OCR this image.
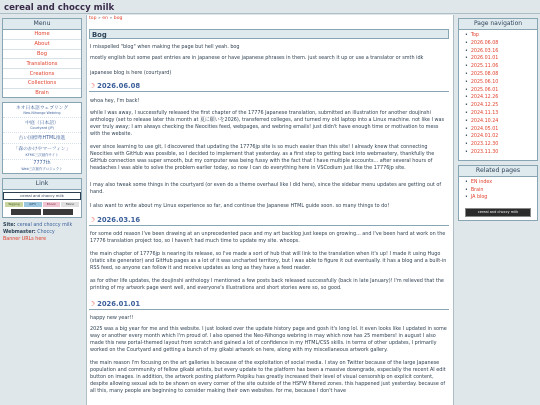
cereal and choccy milk
Menu
Home
About
Bog
Translations
Creations
Collections
Brain
ネオ日本語ウェブリング
Neo-Nihongo Webring
中庭（日本語）
Courtyard (JP)
古い国標準HTML推進
「森のかけやマーフィン」
KFMC三次創作サイト
7777th
Web三次創作プロジェクト
Link
cereal and choccy milk
Tagging	GIFV	Ebook	Mono
Site: cereal and choccy milk
Webmaster: Choccy
Banner URLs here
top » en » bog
Bog
I misspelled "blog" when making the page but hell yeah. bog
mostly english but some past entries are in japanese or have japanese phrases in them. just search it up or use a translator or smth idk
japanese blog is here (courtyard)
☽ 2026.06.08
whoa hey, I'm back!
while I was away, I successfully released the first chapter of the 17776 Japanese translation, submitted an illustration for another doujinshi anthology (set to release later this month at 夏に願いを2026), transferred colleges, and turned my old laptop into a Linux machine. not like I was ever truly away; I am always checking the Neocities feed, webpages, and webring emails! just didn't have enough time or motivation to mess with the website.
ever since learning to use git, I discovered that updating the 17776jp site is so much easier than this site! I already knew that connecting Neocities with GitHub was possible, so I decided to implement that yesterday. as a first step to getting back into webmastery, thankfully the GitHub connection was super smooth, but my computer was being fussy with the fact that I have multiple accounts... after several hours of headaches I was able to solve the problem earlier today, so now I can do everything here in VSCodium just like the 17776jp site.
I may also tweak some things in the courtyard (or even do a theme overhaul like I did here), since the sidebar menu updates are getting out of hand.
I also want to write about my Linux experience so far, and continue the Japanese HTML guide soon. so many things to do!
☽ 2026.03.16
for some odd reason I've been drawing at an unprecedented pace and my art backlog just keeps on growing... and I've been hard at work on the 17776 translation project too, so I haven't had much time to update my site. whoops.
the main chapter of 17776jp is nearing its release, so I've made a sort of hub that will link to the translation when it's up! I made it using Hugo (static site generator) and GitHub pages as a lot of it was uncharted territory, but I was able to figure it out eventually. it has a blog and a built-in RSS feed, so anyone can follow it and receive updates as long as they have a feed reader.
as for other life updates, the doujinshi anthology I mentioned a few posts back released successfully (back in late January)! I'm relieved that the printing of my artwork page went well, and everyone's illustrations and short stories were so, so good.
☽ 2026.01.01
happy new year!!
2025 was a big year for me and this website. I just looked over the update history page and gosh it's long lol. it even looks like I updated in some way or another every month which I'm proud of. I also opened the Neo-Nihongo webring in may which now has 25 members! in august I also made this new portal-themed layout from scratch and gained a lot of confidence in my HTML/CSS skills. in terms of other updates, I primarily worked on the Courtyard and getting a bunch of my gikabi artwork on here, along with my miscellaneous artwork gallery.
the main reason I'm focusing on the art galleries is because of the exploitation of social media. I stay on Twitter because of the large Japanese population and community of fellow gikabi artists, but every update to the platform has been a massive downgrade, especially the recent AI edit button on images. in addition, the artwork posting platform Poipiku has greatly increased their level of visual censorship on explicit content, despite allowing sexual ads to be shown on every corner of the site outside of the HSFW filtered zones. this happened just yesterday. because of all this, many people are beginning to consider making their own websites. for me, because I don't have
Page navigation
• Top
• 2026.06.08
• 2026.03.16
• 2026.01.01
• 2025.11.06
• 2025.08.08
• 2025.06.10
• 2025.06.01
• 2024.12.26
• 2024.12.25
• 2024.11.13
• 2024.10.24
• 2024.05.01
• 2024.01.02
• 2023.12.30
• 2023.11.30
Related pages
• EN index
• Brain
• JA blog
cereal and choccy milk
